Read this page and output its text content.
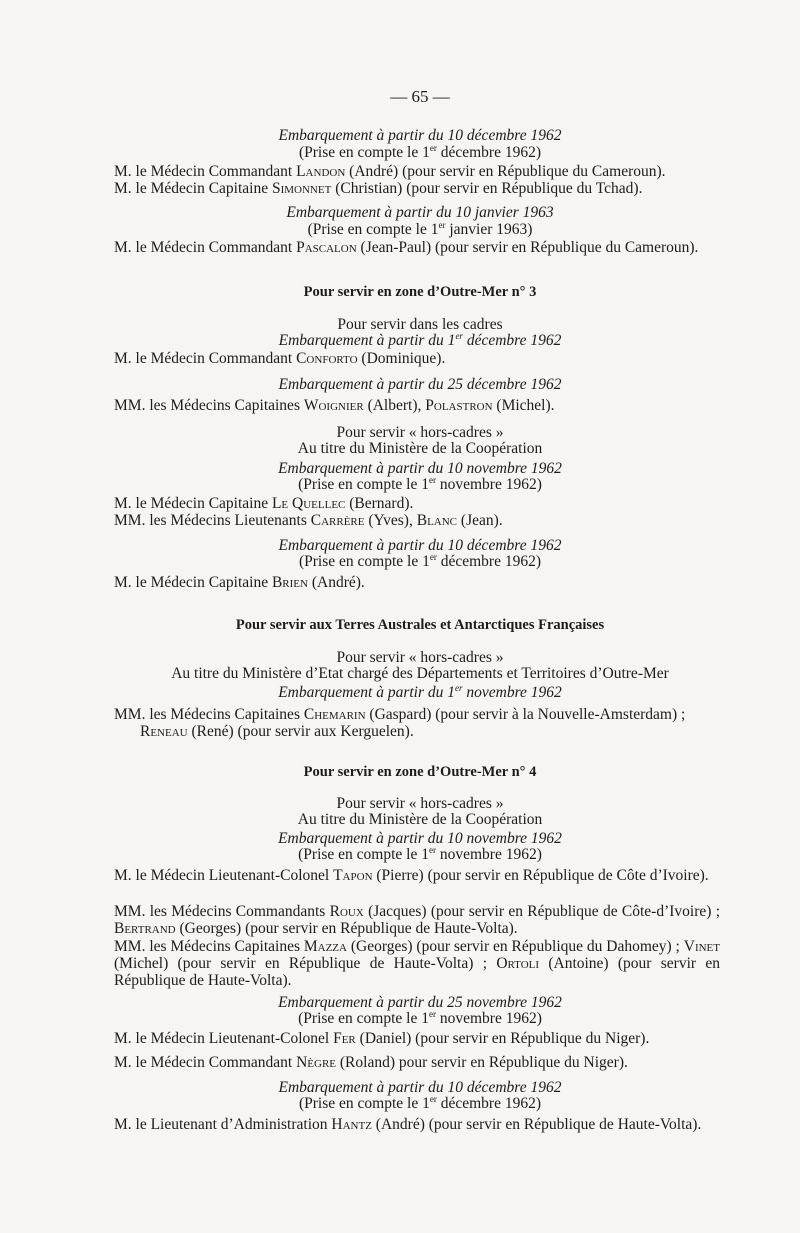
— 65 —
Embarquement à partir du 10 décembre 1962
(Prise en compte le 1er décembre 1962)
M. le Médecin Commandant Landon (André) (pour servir en République du Cameroun).
M. le Médecin Capitaine Simonnet (Christian) (pour servir en République du Tchad).
Embarquement à partir du 10 janvier 1963
(Prise en compte le 1er janvier 1963)
M. le Médecin Commandant Pascalon (Jean-Paul) (pour servir en République du Cameroun).
Pour servir en zone d’Outre-Mer n° 3
Pour servir dans les cadres
Embarquement à partir du 1er décembre 1962
M. le Médecin Commandant Conforto (Dominique).
Embarquement à partir du 25 décembre 1962
MM. les Médecins Capitaines Woignier (Albert), Polastron (Michel).
Pour servir « hors-cadres »
Au titre du Ministère de la Coopération
Embarquement à partir du 10 novembre 1962
(Prise en compte le 1er novembre 1962)
M. le Médecin Capitaine Le Quellec (Bernard).
MM. les Médecins Lieutenants Carrère (Yves), Blanc (Jean).
Embarquement à partir du 10 décembre 1962
(Prise en compte le 1er décembre 1962)
M. le Médecin Capitaine Brien (André).
Pour servir aux Terres Australes et Antarctiques Françaises
Pour servir « hors-cadres »
Au titre du Ministère d’Etat chargé des Départements et Territoires d’Outre-Mer
Embarquement à partir du 1er novembre 1962
MM. les Médecins Capitaines Chemarin (Gaspard) (pour servir à la Nouvelle-Amsterdam) ;
Reneau (René) (pour servir aux Kerguelen).
Pour servir en zone d’Outre-Mer n° 4
Pour servir « hors-cadres »
Au titre du Ministère de la Coopération
Embarquement à partir du 10 novembre 1962
(Prise en compte le 1er novembre 1962)
M. le Médecin Lieutenant-Colonel Tapon (Pierre) (pour servir en République de Côte d’Ivoire).
MM. les Médecins Commandants Roux (Jacques) (pour servir en République de Côte-d’Ivoire) ; Bertrand (Georges) (pour servir en République de Haute-Volta).
MM. les Médecins Capitaines Mazza (Georges) (pour servir en République du Dahomey) ; Vinet (Michel) (pour servir en République de Haute-Volta) ; Ortoli (Antoine) (pour servir en République de Haute-Volta).
Embarquement à partir du 25 novembre 1962
(Prise en compte le 1er novembre 1962)
M. le Médecin Lieutenant-Colonel Fer (Daniel) (pour servir en République du Niger).
M. le Médecin Commandant Nègre (Roland) pour servir en République du Niger).
Embarquement à partir du 10 décembre 1962
(Prise en compte le 1er décembre 1962)
M. le Lieutenant d’Administration Hantz (André) (pour servir en République de Haute-Volta).
